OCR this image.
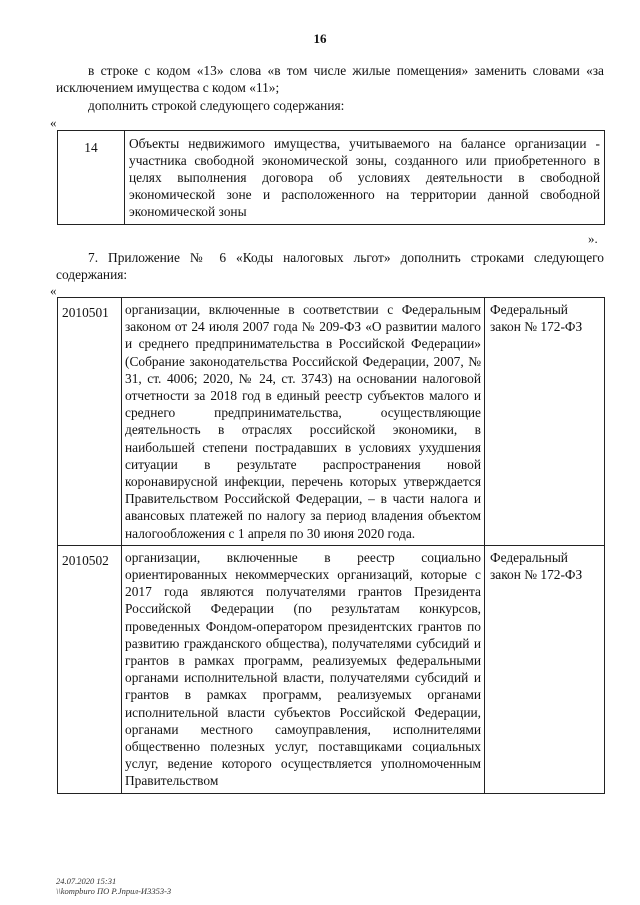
16
в строке с кодом «13» слова «в том числе жилые помещения» заменить словами «за исключением имущества с кодом «11»;
дополнить строкой следующего содержания:
«
14	Объекты недвижимого имущества, учитываемого на балансе организации - участника свободной экономической зоны, созданного или приобретенного в целях выполнения договора об условиях деятельности в свободной экономической зоне и расположенного на территории данной свободной экономической зоны
».
7. Приложение № 6 «Коды налоговых льгот» дополнить строками следующего содержания:
«
2010501	организации, включенные в соответствии с Федеральным законом от 24 июля 2007 года № 209-ФЗ «О развитии малого и среднего предпринимательства в Российской Федерации» (Собрание законодательства Российской Федерации, 2007, № 31, ст. 4006; 2020, № 24, ст. 3743) на основании налоговой отчетности за 2018 год в единый реестр субъектов малого и среднего предпринимательства, осуществляющие деятельность в отраслях российской экономики, в наибольшей степени пострадавших в условиях ухудшения ситуации в результате распространения новой коронавирусной инфекции, перечень которых утверждается Правительством Российской Федерации, – в части налога и авансовых платежей по налогу за период владения объектом налогообложения с 1 апреля по 30 июня 2020 года.	Федеральный закон № 172-ФЗ
2010502	организации, включенные в реестр социально ориентированных некоммерческих организаций, которые с 2017 года являются получателями грантов Президента Российской Федерации (по результатам конкурсов, проведенных Фондом-оператором президентских грантов по развитию гражданского общества), получателями субсидий и грантов в рамках программ, реализуемых федеральными органами исполнительной власти, получателями субсидий и грантов в рамках программ, реализуемых органами исполнительной власти субъектов Российской Федерации, органами местного самоуправления, исполнителями общественно полезных услуг, поставщиками социальных услуг, ведение которого осуществляется уполномоченным Правительством	Федеральный закон № 172-ФЗ
24.07.2020 15:31
\\kompburo ПО Р.Jпрuл-И3353-3
